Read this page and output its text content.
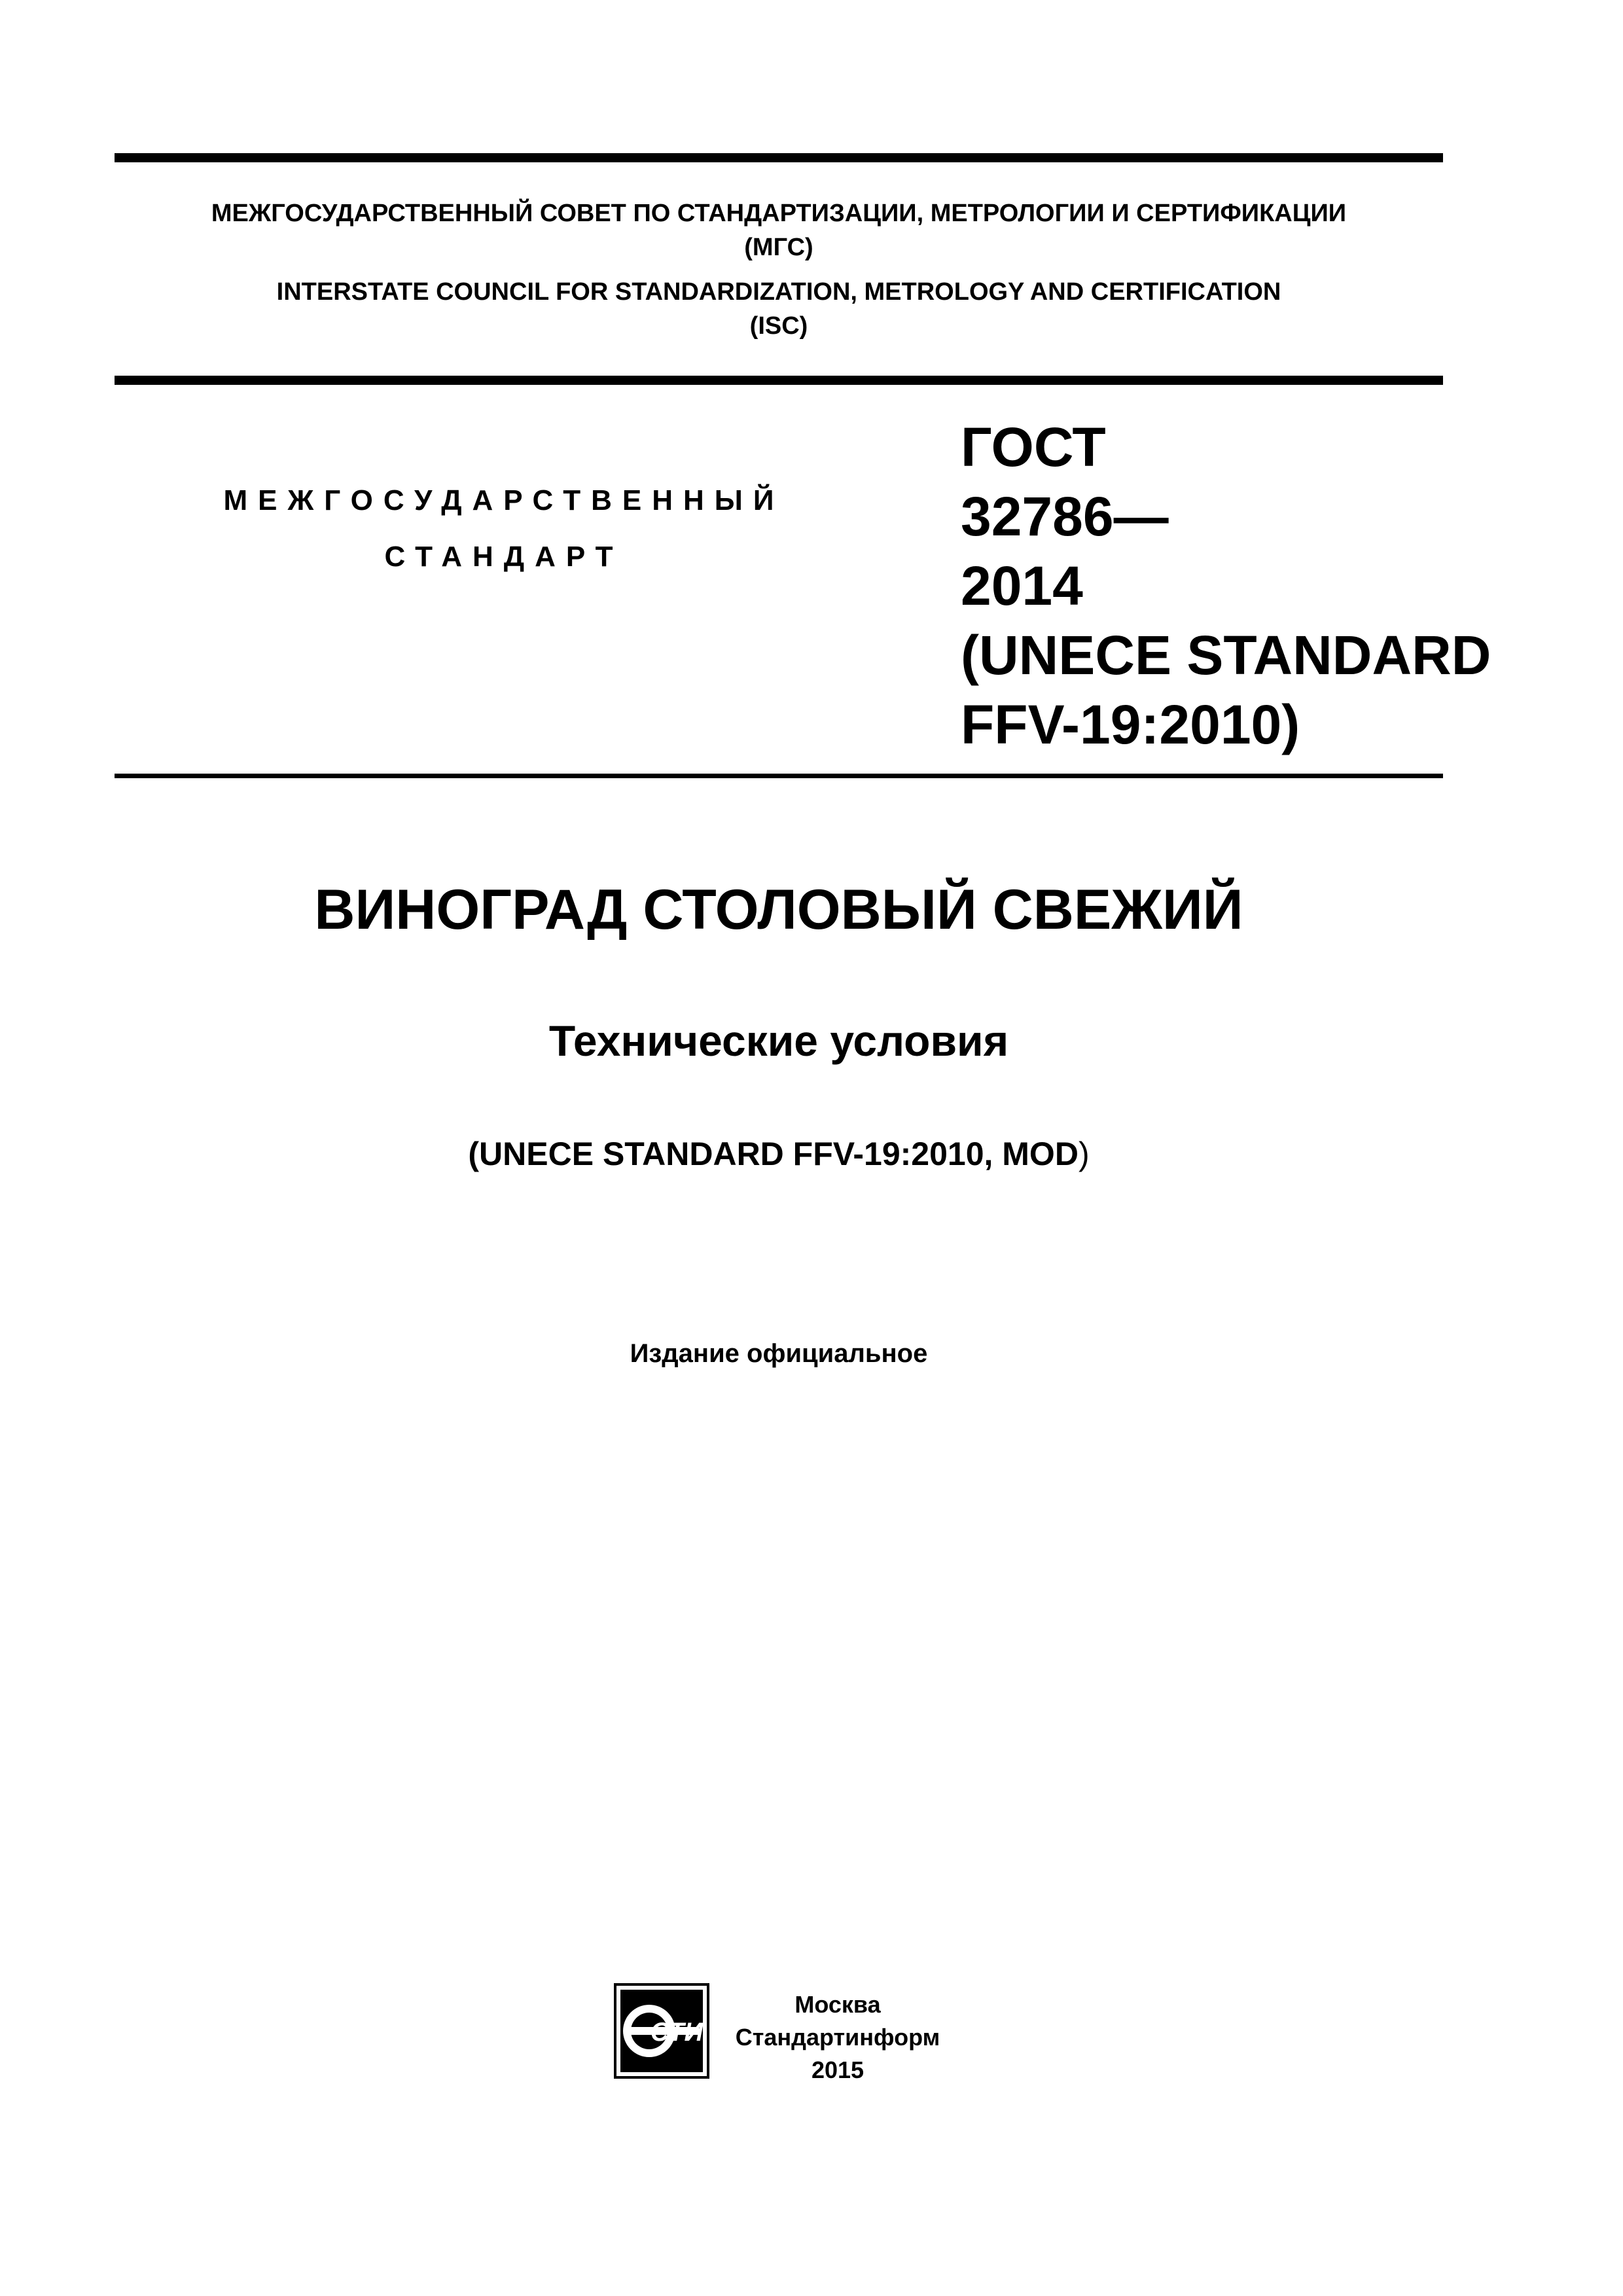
МЕЖГОСУДАРСТВЕННЫЙ СОВЕТ ПО СТАНДАРТИЗАЦИИ, МЕТРОЛОГИИ И СЕРТИФИКАЦИИ
(МГС)
INTERSTATE COUNCIL FOR STANDARDIZATION, METROLOGY AND CERTIFICATION
(ISC)
МЕЖГОСУДАРСТВЕННЫЙ
СТАНДАРТ
ГОСТ
32786—
2014
(UNECE STANDARD
FFV-19:2010)
ВИНОГРАД СТОЛОВЫЙ СВЕЖИЙ
Технические условия
(UNECE STANDARD FFV-19:2010, MOD)
Издание официальное
СТИ
Москва
Стандартинформ
2015
